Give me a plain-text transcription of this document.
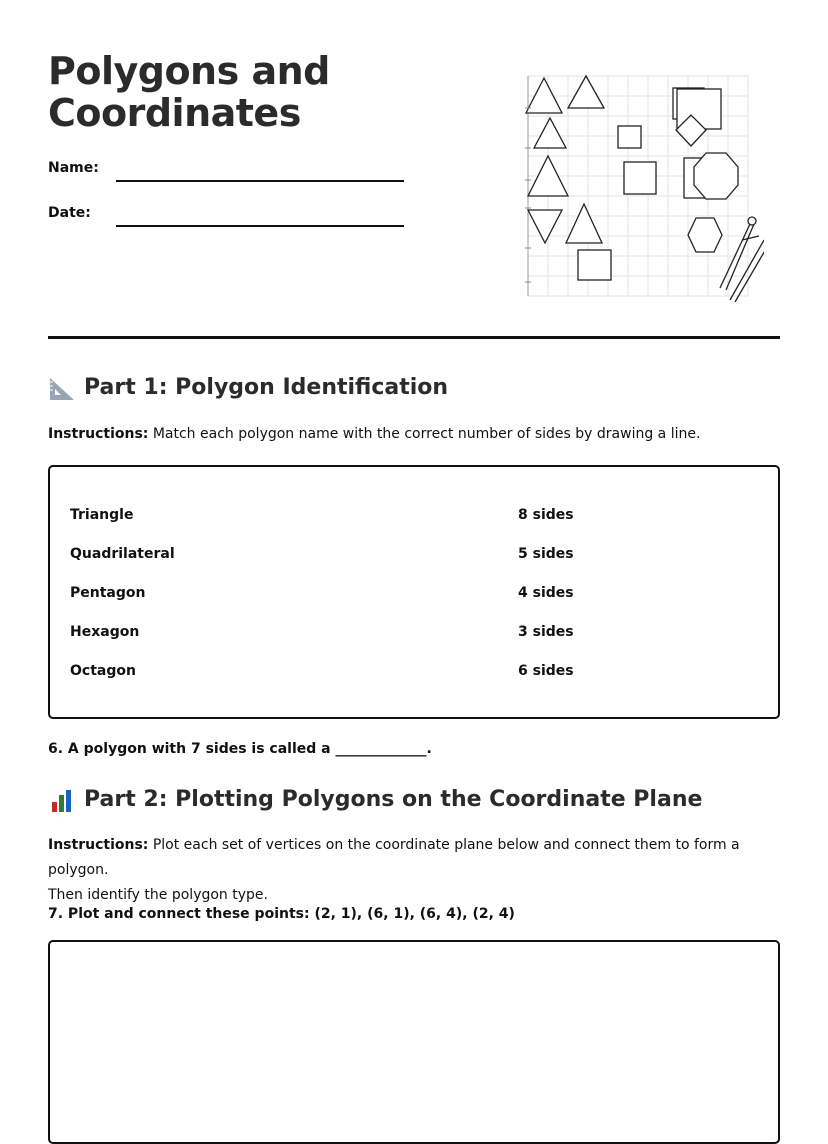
Polygons and
Coordinates
Name:
Date:
Part 1: Polygon Identification
Instructions: Match each polygon name with the correct number of sides by drawing a line.
Triangle	8 sides
Quadrilateral	5 sides
Pentagon	4 sides
Hexagon	3 sides
Octagon	6 sides
6. A polygon with 7 sides is called a _____________.
Part 2: Plotting Polygons on the Coordinate Plane
Instructions: Plot each set of vertices on the coordinate plane below and connect them to form a polygon.
Then identify the polygon type.
7. Plot and connect these points: (2, 1), (6, 1), (6, 4), (2, 4)
